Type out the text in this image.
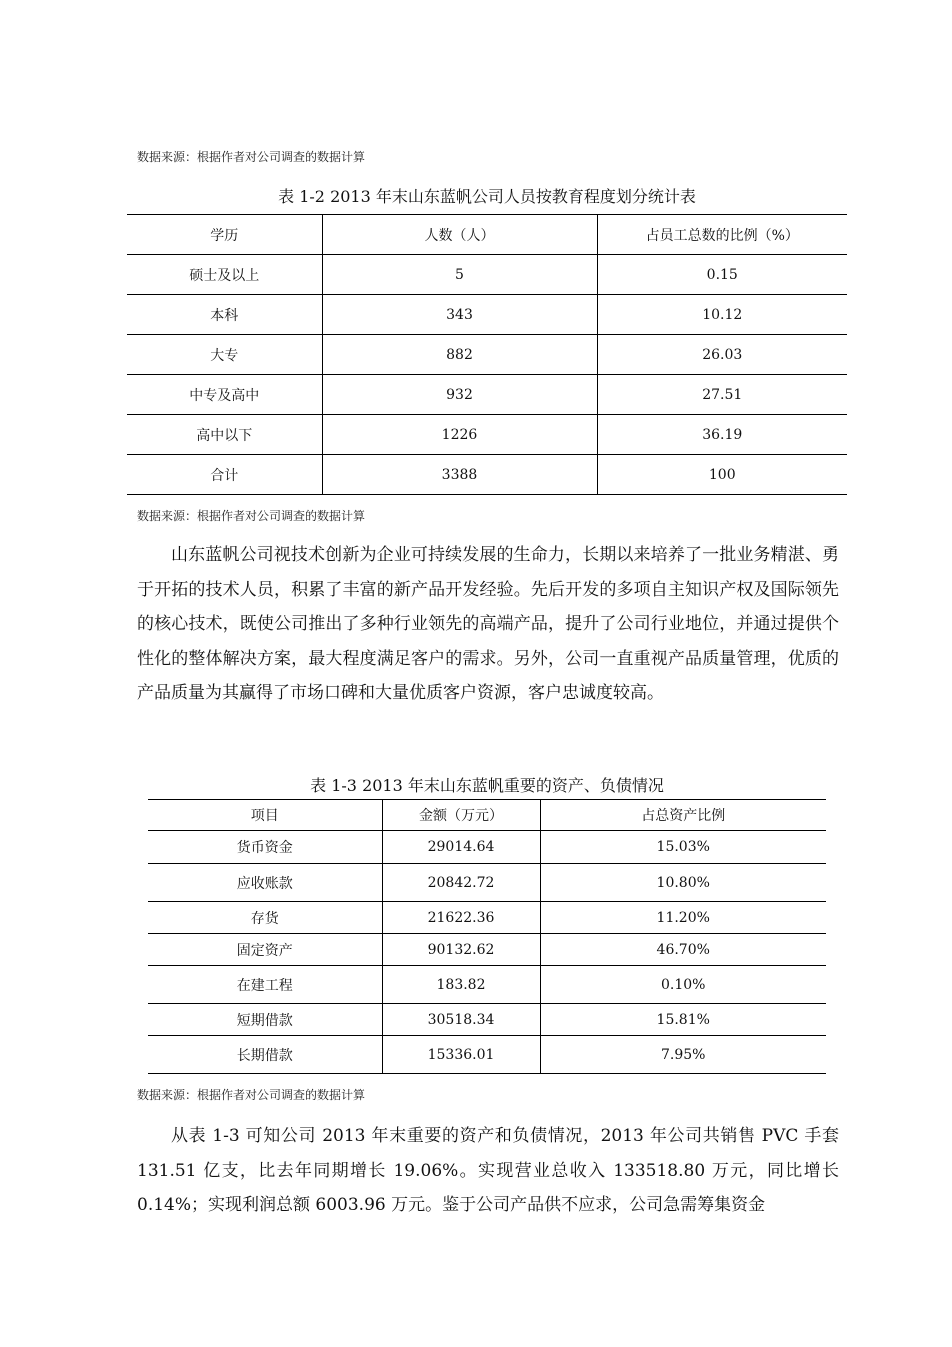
数据来源：根据作者对公司调查的数据计算
表 1-2 2013 年末山东蓝帆公司人员按教育程度划分统计表
学历	人数（人）	占员工总数的比例（%）
硕士及以上	5	0.15
本科	343	10.12
大专	882	26.03
中专及高中	932	27.51
高中以下	1226	36.19
合计	3388	100
数据来源：根据作者对公司调查的数据计算

山东蓝帆公司视技术创新为企业可持续发展的生命力，长期以来培养了一批业务精湛、勇于开拓的技术人员，积累了丰富的新产品开发经验。先后开发的多项自主知识产权及国际领先的核心技术，既使公司推出了多种行业领先的高端产品，提升了公司行业地位，并通过提供个性化的整体解决方案，最大程度满足客户的需求。另外，公司一直重视产品质量管理，优质的产品质量为其赢得了市场口碑和大量优质客户资源，客户忠诚度较高。

表 1-3 2013 年末山东蓝帆重要的资产、负债情况
项目	金额（万元）	占总资产比例
货币资金	29014.64	15.03%
应收账款	20842.72	10.80%
存货	21622.36	11.20%
固定资产	90132.62	46.70%
在建工程	183.82	0.10%
短期借款	30518.34	15.81%
长期借款	15336.01	7.95%
数据来源：根据作者对公司调查的数据计算

从表 1-3 可知公司 2013 年末重要的资产和负债情况，2013 年公司共销售 PVC 手套 131.51 亿支，比去年同期增长 19.06%。实现营业总收入 133518.80 万元，同比增长 0.14%；实现利润总额 6003.96 万元。鉴于公司产品供不应求，公司急需筹集资金
